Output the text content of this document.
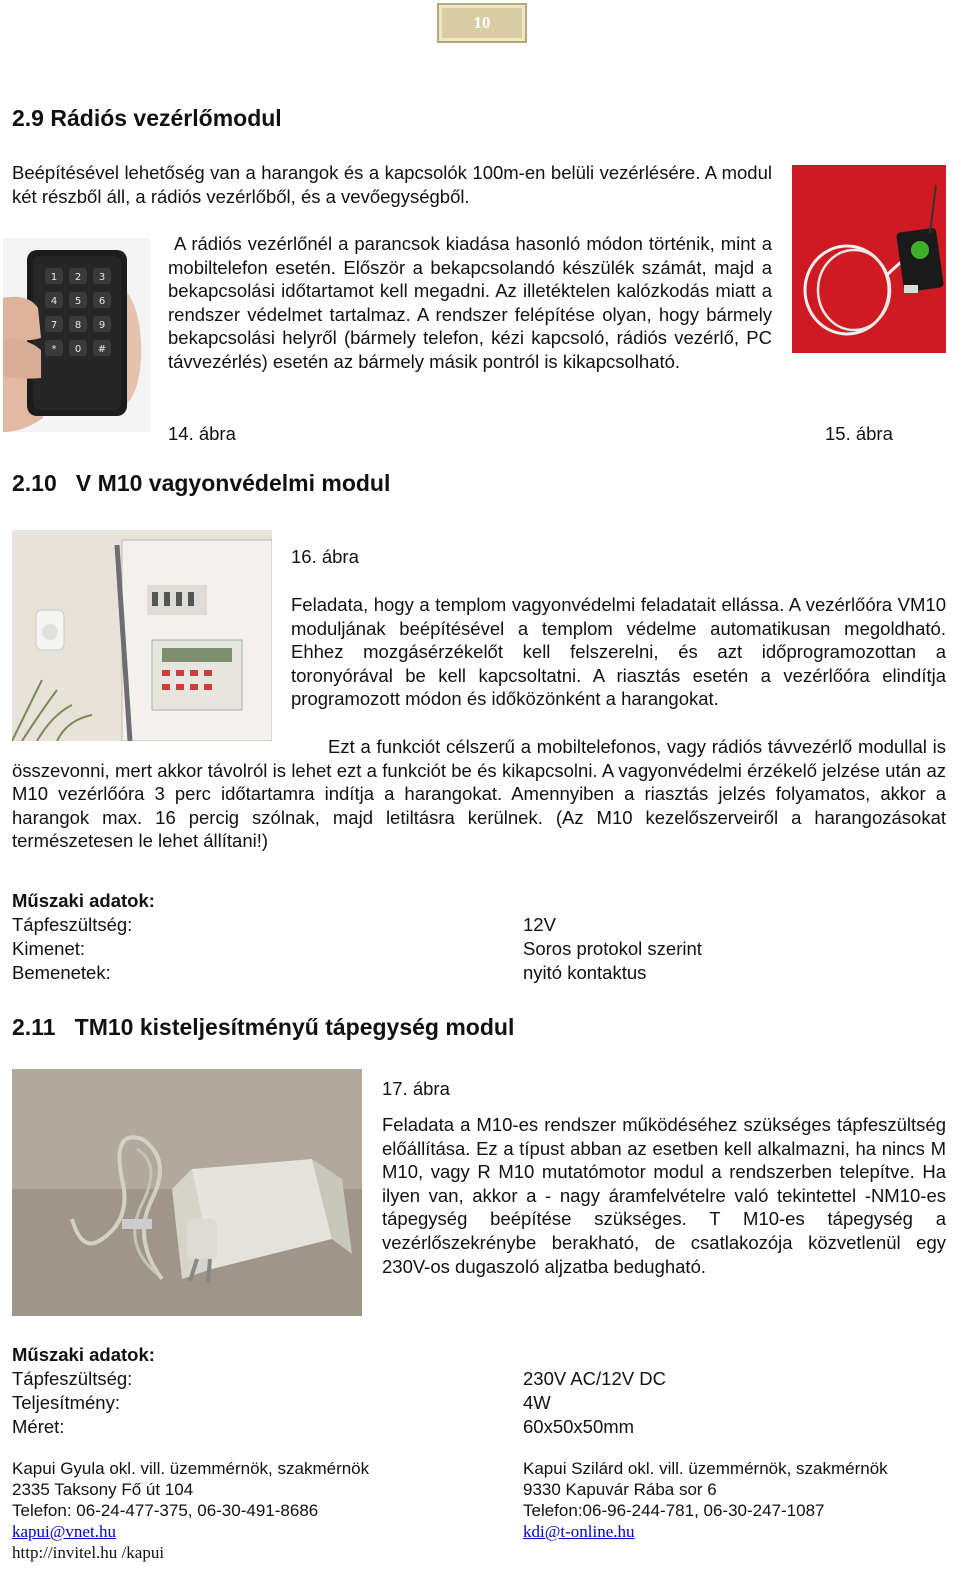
10
2.9 Rádiós vezérlőmodul

Beépítésével lehetőség van a harangok és a kapcsolók 100m-en belüli vezérlésére. A modul két részből áll, a rádiós vezérlőből, és a vevőegységből.

1 2 3
4 5 6
7 8 9
* 0 #

A rádiós vezérlőnél a parancsok kiadása hasonló módon történik, mint a mobiltelefon esetén. Először a bekapcsolandó készülék számát, majd a bekapcsolási időtartamot kell megadni. Az illetéktelen kalózkodás miatt a rendszer védelmet tartalmaz. A rendszer felépítése olyan, hogy bármely bekapcsolási helyről (bármely telefon, kézi kapcsoló, rádiós vezérlő, PC távvezérlés) esetén az bármely másik pontról is kikapcsolható.

14. ábra	15. ábra
2.10   V M10 vagyonvédelmi modul
16. ábra

Feladata, hogy a templom vagyonvédelmi feladatait ellássa. A vezérlőóra VM10 moduljának beépítésével a templom védelme automatikusan megoldható. Ehhez mozgásérzékelőt kell felszerelni, és azt időprogramozottan a toronyórával be kell kapcsoltatni. A riasztás esetén a vezérlőóra elindítja programozott módon és időközönként a harangokat.

Ezt a funkciót célszerű a mobiltelefonos, vagy rádiós távvezérlő modullal is összevonni, mert akkor távolról is lehet ezt a funkciót be és kikapcsolni. A vagyonvédelmi érzékelő jelzése után az M10 vezérlőóra 3 perc időtartamra indítja a harangokat. Amennyiben a riasztás jelzés folyamatos, akkor a harangok max. 16 percig szólnak, majd letiltásra kerülnek. (Az M10 kezelőszerveiről a harangozásokat természetesen le lehet állítani!)

Műszaki adatok:
Tápfeszültség:	12V
Kimenet:	Soros protokol szerint
Bemenetek:	nyitó kontaktus
2.11   TM10 kisteljesítményű tápegység modul
17. ábra

Feladata a M10-es rendszer működéséhez szükséges tápfeszültség előállítása. Ez a típust abban az esetben kell alkalmazni, ha nincs M M10, vagy R M10 mutatómotor modul a rendszerben telepítve. Ha ilyen van, akkor a - nagy áramfelvételre való tekintettel -NM10-es tápegység beépítése szükséges. T M10-es tápegység a vezérlőszekrénybe berakható, de csatlakozója közvetlenül egy 230V-os dugaszoló aljzatba bedugható.

Műszaki adatok:
Tápfeszültség:	230V AC/12V DC
Teljesítmény:	4W
Méret:	60x50x50mm
Kapui Gyula okl. vill. üzemmérnök, szakmérnök
2335 Taksony Fő út 104
Telefon: 06-24-477-375, 06-30-491-8686
kapui@vnet.hu
http://invitel.hu /kapui
Kapui Szilárd okl. vill. üzemmérnök, szakmérnök
9330 Kapuvár Rába sor 6
Telefon:06-96-244-781, 06-30-247-1087
kdi@t-online.hu
